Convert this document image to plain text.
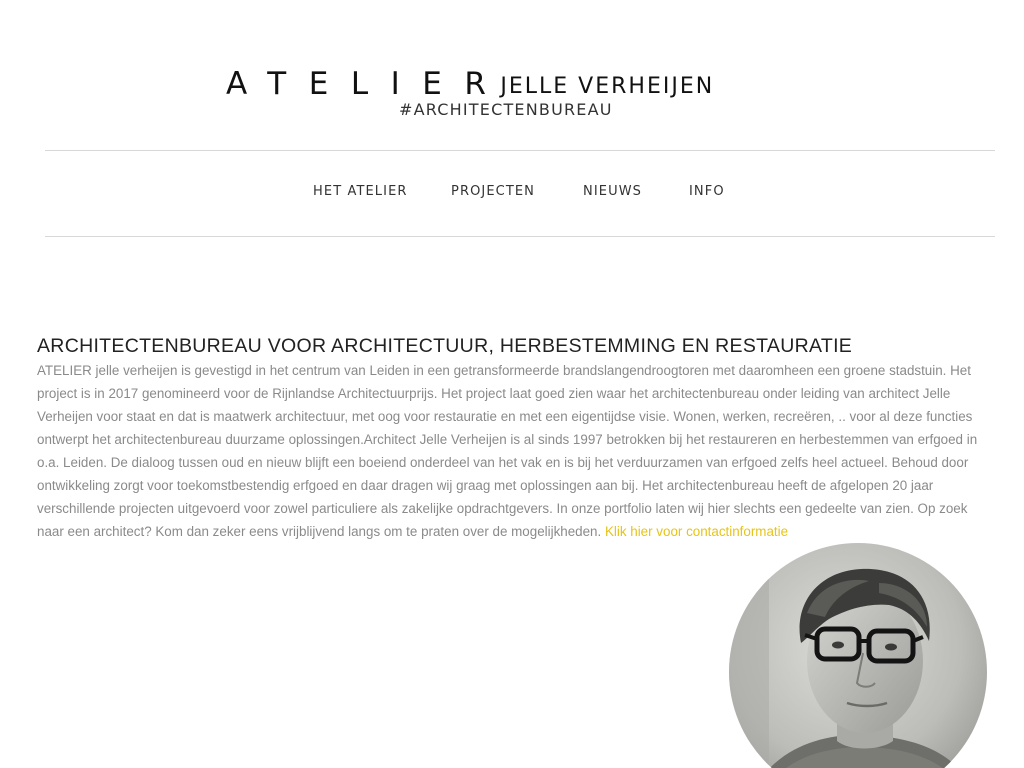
ATELIERJELLE VERHEIJEN
#ARCHITECTENBUREAU
HET ATELIER	PROJECTEN	NIEUWS	INFO
ARCHITECTENBUREAU VOOR ARCHITECTUUR, HERBESTEMMING EN RESTAURATIE

ATELIER jelle verheijen is gevestigd in het centrum van Leiden in een getransformeerde brandslangendroogtoren met daaromheen een groene stadstuin. Het project is in 2017 genomineerd voor de Rijnlandse Architectuurprijs. Het project laat goed zien waar het architectenbureau onder leiding van architect Jelle Verheijen voor staat en dat is maatwerk architectuur, met oog voor restauratie en met een eigentijdse visie. Wonen, werken, recreëren, .. voor al deze functies ontwerpt het architectenbureau duurzame oplossingen.Architect Jelle Verheijen is al sinds 1997 betrokken bij het restaureren en herbestemmen van erfgoed in o.a. Leiden. De dialoog tussen oud en nieuw blijft een boeiend onderdeel van het vak en is bij het verduurzamen van erfgoed zelfs heel actueel. Behoud door ontwikkeling zorgt voor toekomstbestendig erfgoed en daar dragen wij graag met oplossingen aan bij. Het architectenbureau heeft de afgelopen 20 jaar verschillende projecten uitgevoerd voor zowel particuliere als zakelijke opdrachtgevers. In onze portfolio laten wij hier slechts een gedeelte van zien. Op zoek naar een architect? Kom dan zeker eens vrijblijvend langs om te praten over de mogelijkheden. Klik hier voor contactinformatie
